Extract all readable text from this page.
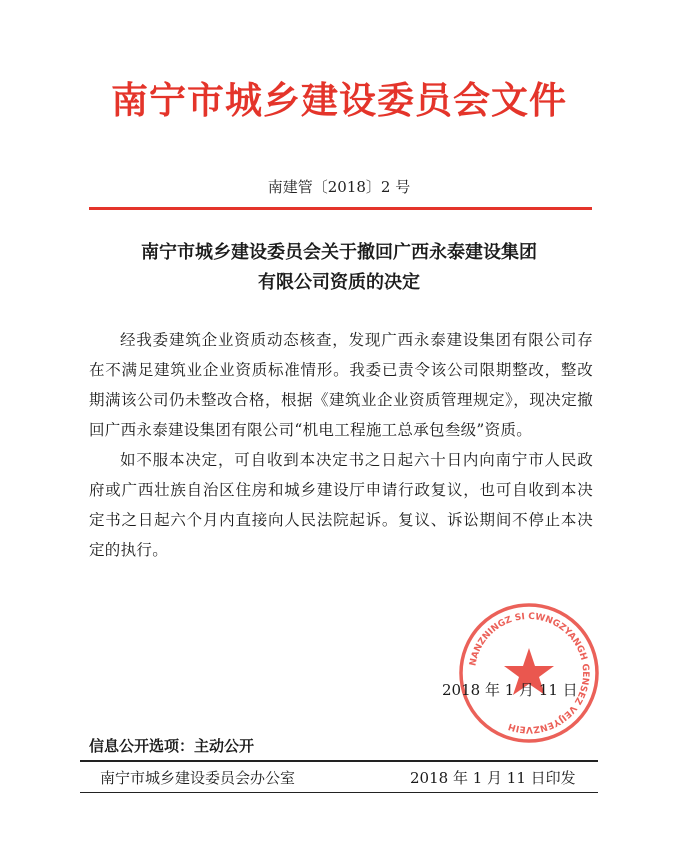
南宁市城乡建设委员会文件
南建管〔2018〕2 号
南宁市城乡建设委员会关于撤回广西永泰建设集团
有限公司资质的决定

经我委建筑企业资质动态核查，发现广西永泰建设集团有限公司存在不满足建筑业企业资质标准情形。我委已责令该公司限期整改，整改期满该公司仍未整改合格，根据《建筑业企业资质管理规定》，现决定撤回广西永泰建设集团有限公司“机电工程施工总承包叁级”资质。

如不服本决定，可自收到本决定书之日起六十日内向南宁市人民政府或广西壮族自治区住房和城乡建设厅申请行政复议，也可自收到本决定书之日起六个月内直接向人民法院起诉。复议、诉讼期间不停止本决定的执行。

NANZNINGZ SI CWNGZYANGH GENSEZ VEIJYENZVEIH
2018 年 1 月 11 日
信息公开选项：主动公开
南宁市城乡建设委员会办公室	2018 年 1 月 11 日印发
